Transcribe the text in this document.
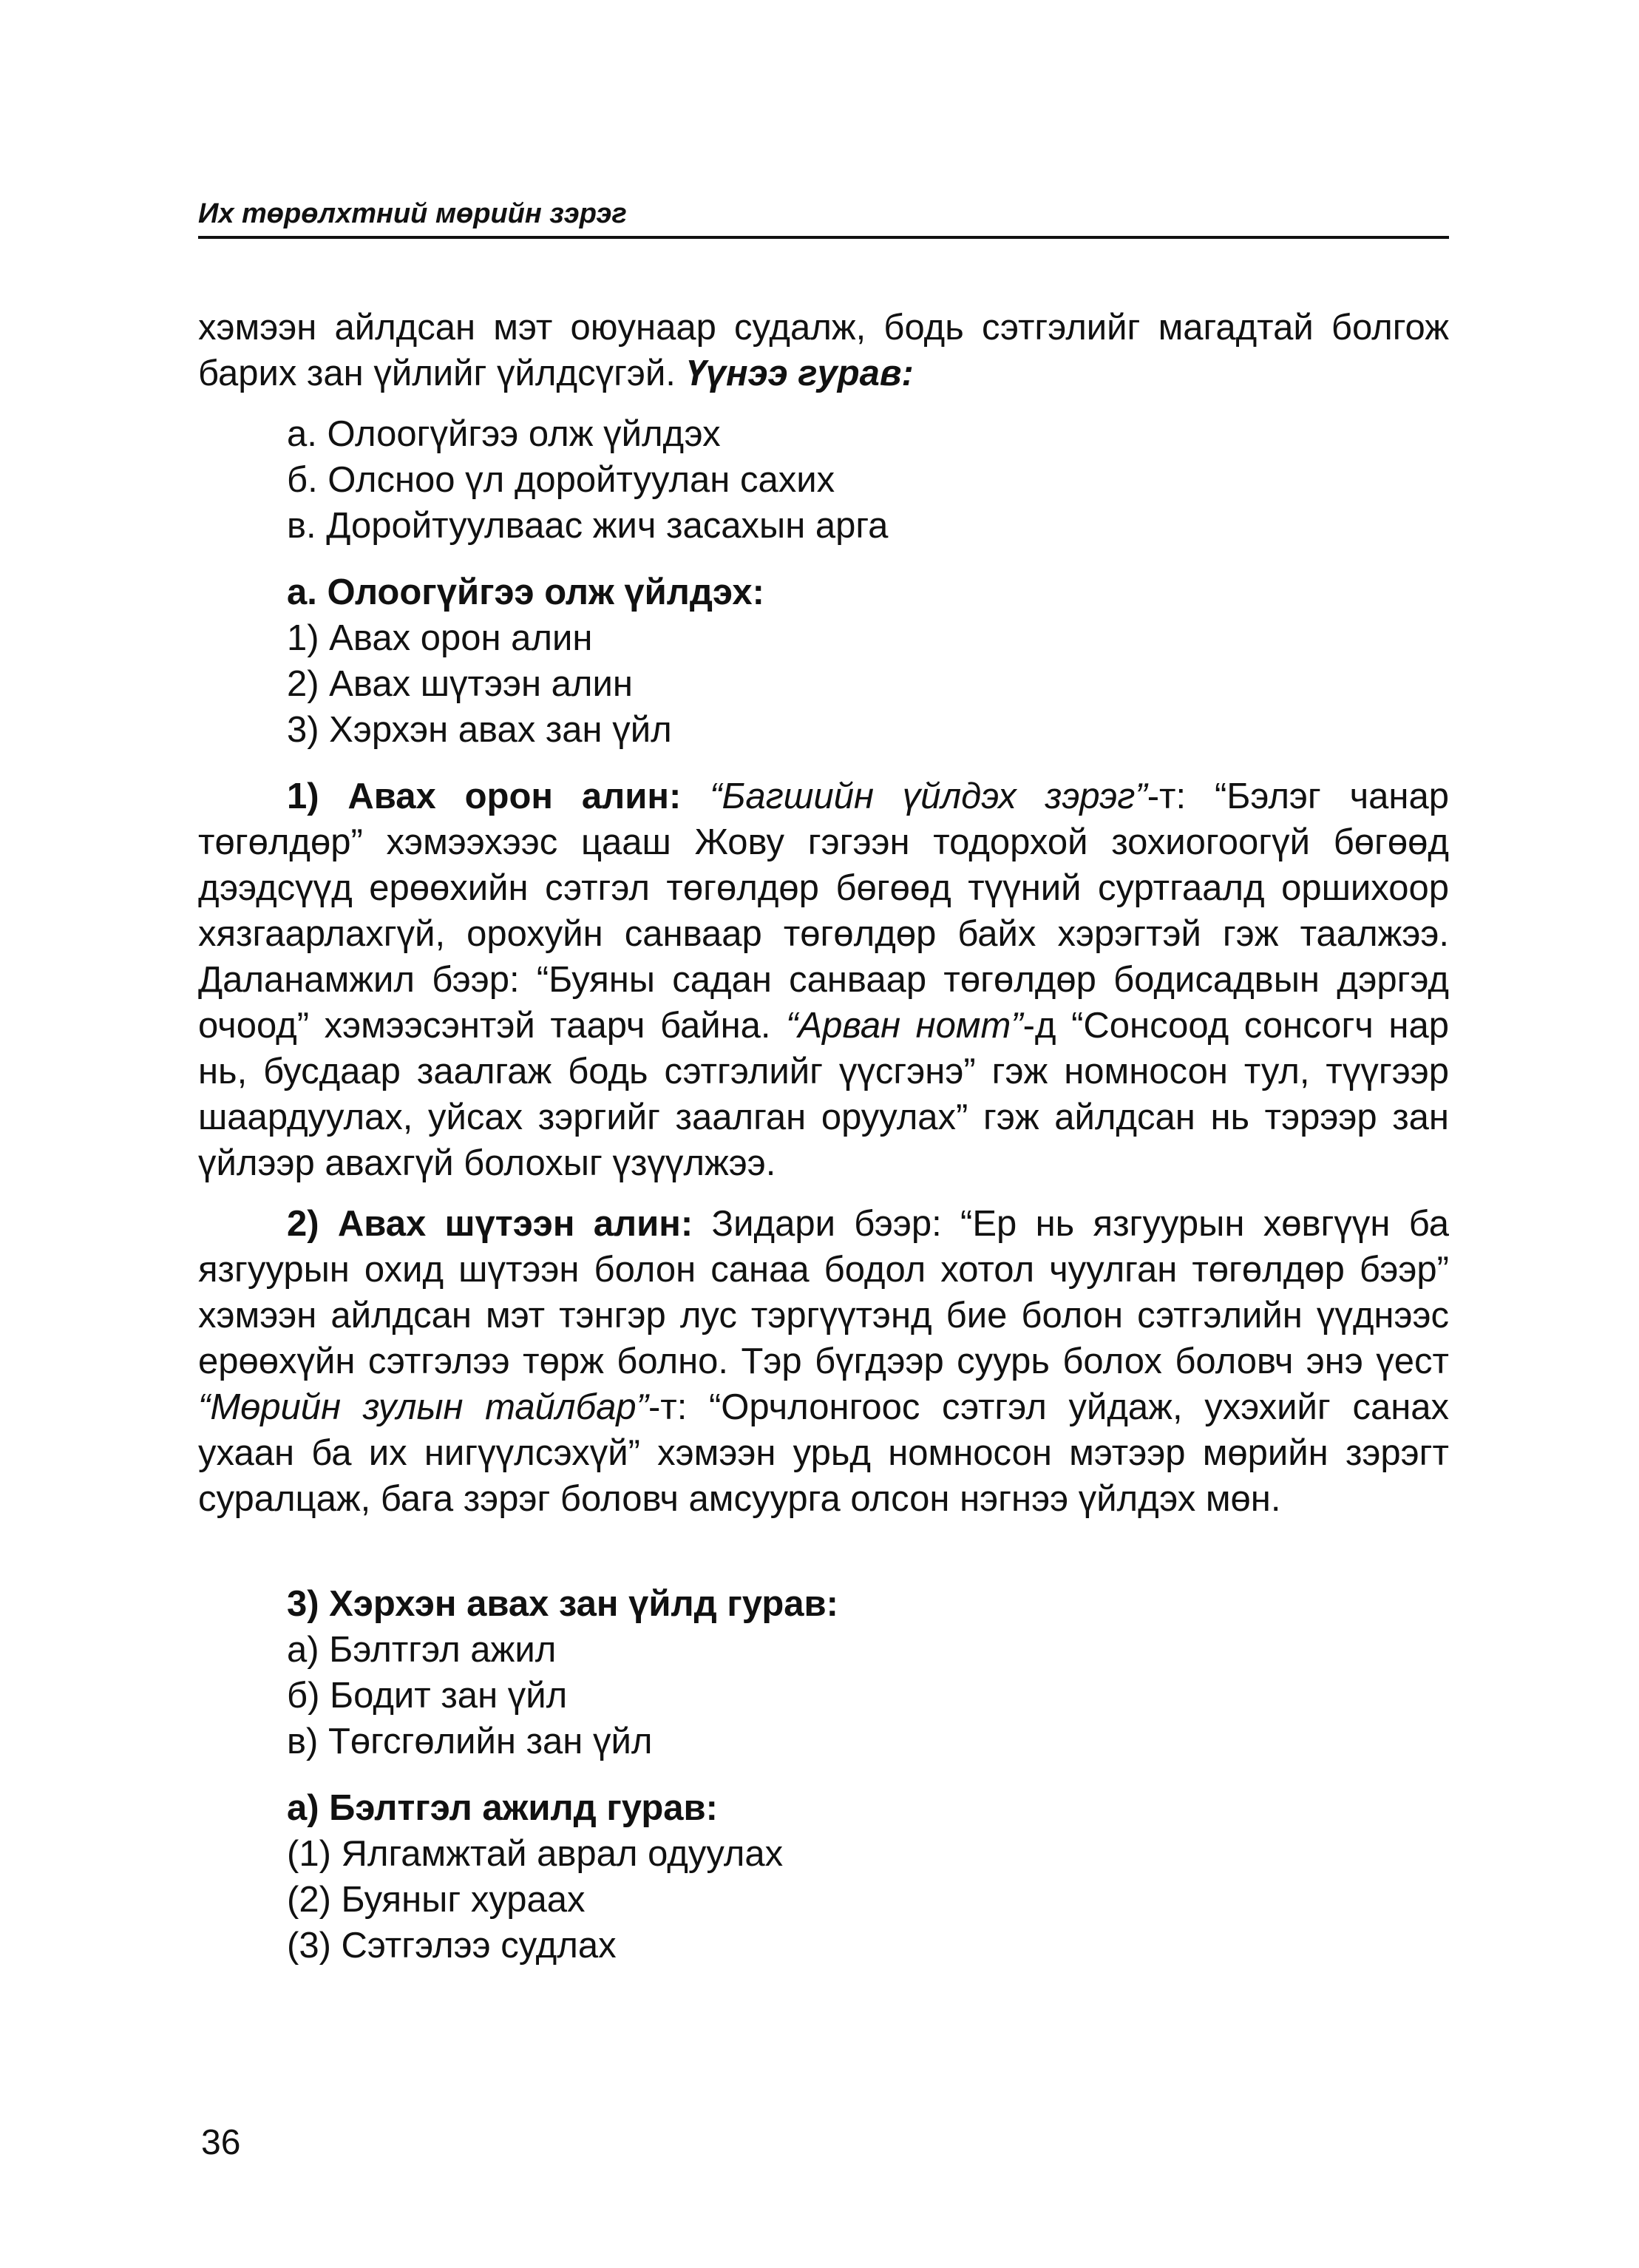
Их төрөлхтний мөрийн зэрэг

хэмээн айлдсан мэт оюунаар судалж, бодь сэтгэлийг магадтай болгож барих зан үйлийг үйлдсүгэй. Үүнээ гурав:

а. Олоогүйгээ олж үйлдэх
б. Олсноо үл доройтуулан сахих
в. Доройтуулваас жич засахын арга

а. Олоогүйгээ олж үйлдэх:

1) Авах орон алин
2) Авах шүтээн алин
3) Хэрхэн авах зан үйл

1) Авах орон алин: “Багшийн үйлдэх зэрэг”-т: “Бэлэг чанар төгөлдөр” хэмээхээс цааш Жову гэгээн тодорхой зохиогоогүй бөгөөд дээдсүүд ерөөхийн сэтгэл төгөлдөр бөгөөд түүний суртгаалд оршихоор хязгаарлахгүй, орохуйн санваар төгөлдөр байх хэрэгтэй гэж таалжээ. Даланамжил бээр: “Буяны садан санваар төгөлдөр бодисадвын дэргэд очоод” хэмээсэнтэй таарч байна. “Арван номт”-д “Сонсоод сонсогч нар нь, бусдаар заалгаж бодь сэтгэлийг үүсгэнэ” гэж номносон тул, түүгээр шаардуулах, уйсах зэргийг заалган оруулах” гэж айлдсан нь тэрээр зан үйлээр авахгүй болохыг үзүүлжээ.

2) Авах шүтээн алин: Зидари бээр: “Ер нь язгуурын хөвгүүн ба язгуурын охид шүтээн болон санаа бодол хотол чуулган төгөлдөр бээр” хэмээн айлдсан мэт тэнгэр лус тэргүүтэнд бие болон сэтгэлийн үүднээс ерөөхүйн сэтгэлээ төрж болно. Тэр бүгдээр суурь болох боловч энэ үест “Мөрийн зулын тайлбар”-т: “Орчлонгоос сэтгэл уйдаж, ухэхийг санах ухаан ба их нигүүлсэхүй” хэмээн урьд номносон мэтээр мөрийн зэрэгт суралцаж, бага зэрэг боловч амсуурга олсон нэгнээ үйлдэх мөн.

3) Хэрхэн авах зан үйлд гурав:

а) Бэлтгэл ажил
б) Бодит зан үйл
в) Төгсгөлийн зан үйл

а) Бэлтгэл ажилд гурав:

(1) Ялгамжтай аврал одуулах
(2) Буяныг хураах
(3) Сэтгэлээ судлах
36
